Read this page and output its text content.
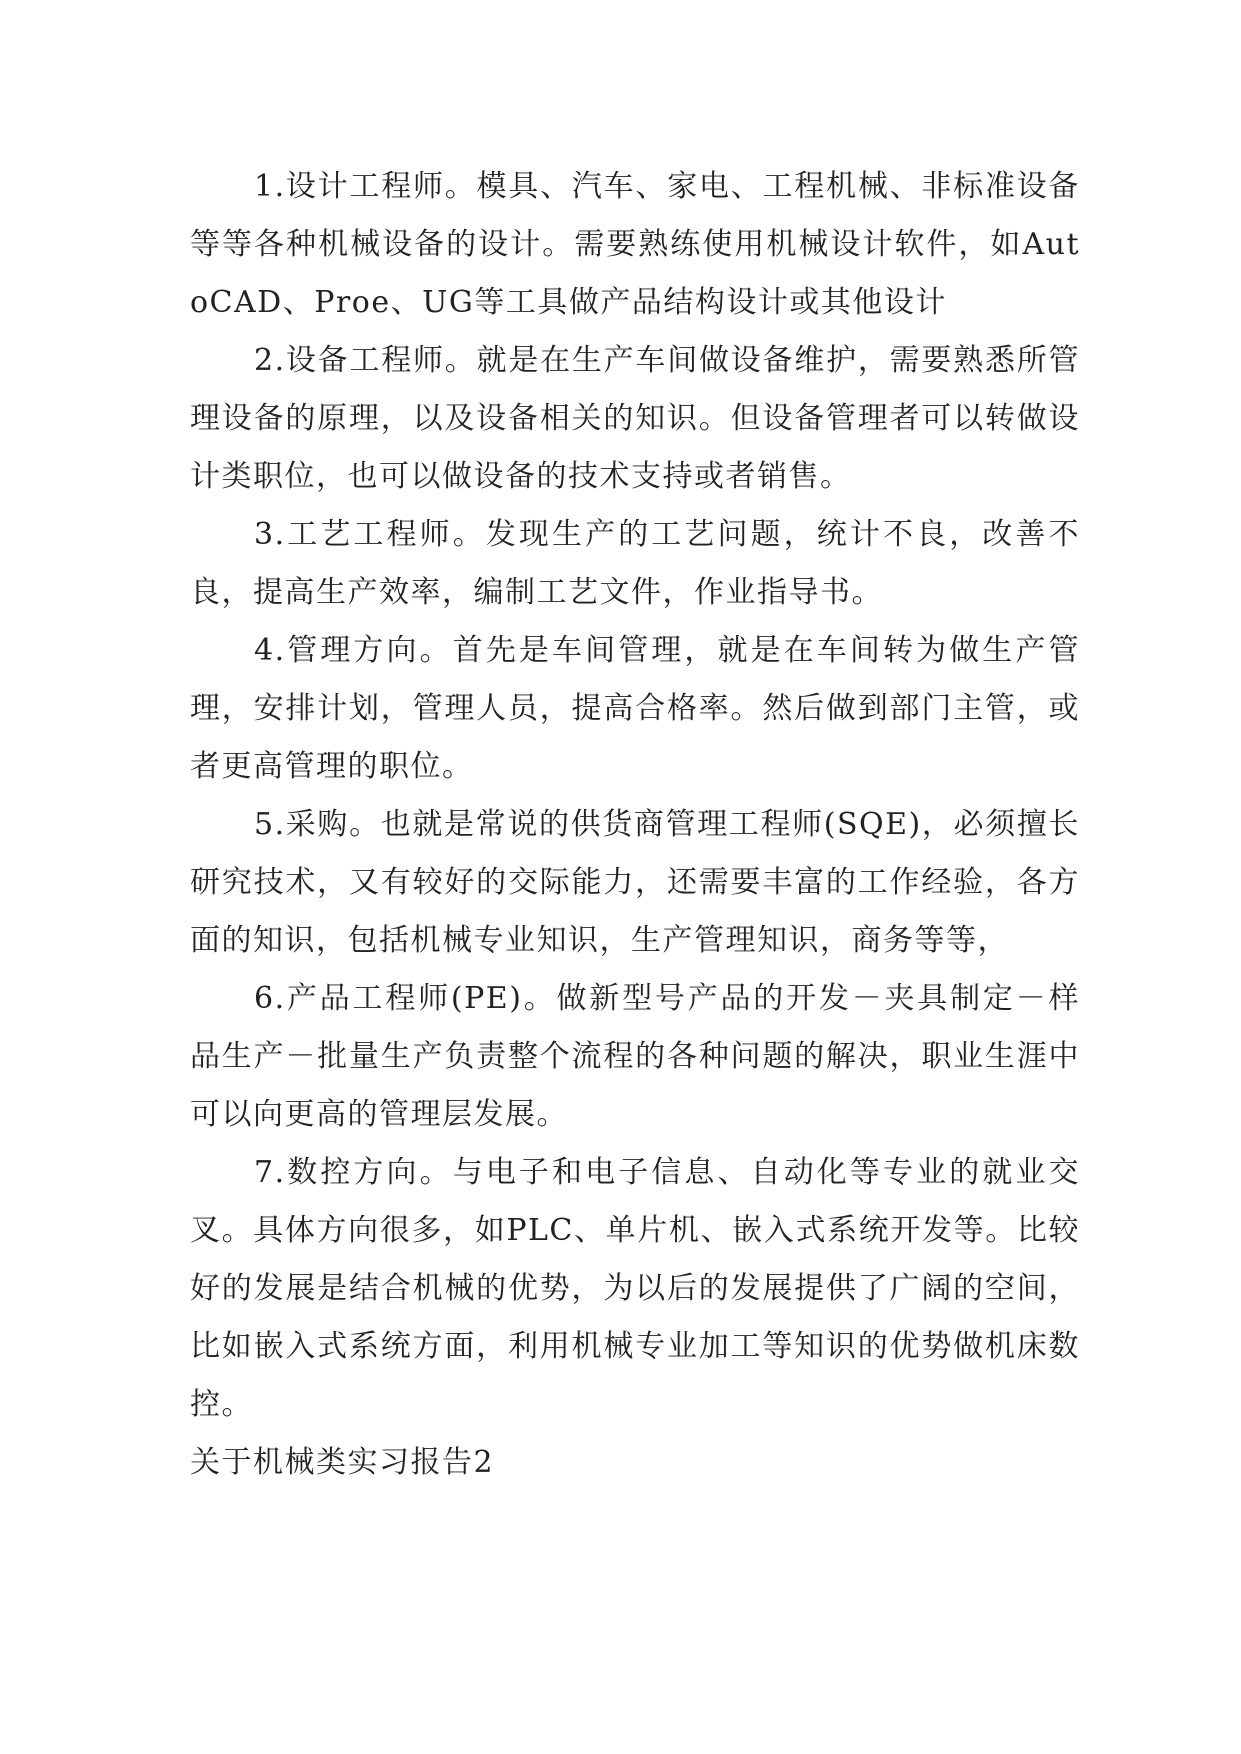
1.设计工程师。模具、汽车、家电、工程机械、非标准设备等等各种机械设备的设计。需要熟练使用机械设计软件，如AutoCAD、Proe、UG等工具做产品结构设计或其他设计

2.设备工程师。就是在生产车间做设备维护，需要熟悉所管理设备的原理，以及设备相关的知识。但设备管理者可以转做设计类职位，也可以做设备的技术支持或者销售。

3.工艺工程师。发现生产的工艺问题，统计不良，改善不良，提高生产效率，编制工艺文件，作业指导书。

4.管理方向。首先是车间管理，就是在车间转为做生产管理，安排计划，管理人员，提高合格率。然后做到部门主管，或者更高管理的职位。

5.采购。也就是常说的供货商管理工程师(SQE)，必须擅长研究技术，又有较好的交际能力，还需要丰富的工作经验，各方面的知识，包括机械专业知识，生产管理知识，商务等等，

6.产品工程师(PE)。做新型号产品的开发－夹具制定－样品生产－批量生产负责整个流程的各种问题的解决，职业生涯中可以向更高的管理层发展。

7.数控方向。与电子和电子信息、自动化等专业的就业交叉。具体方向很多，如PLC、单片机、嵌入式系统开发等。比较好的发展是结合机械的优势，为以后的发展提供了广阔的空间，比如嵌入式系统方面，利用机械专业加工等知识的优势做机床数控。

关于机械类实习报告2
